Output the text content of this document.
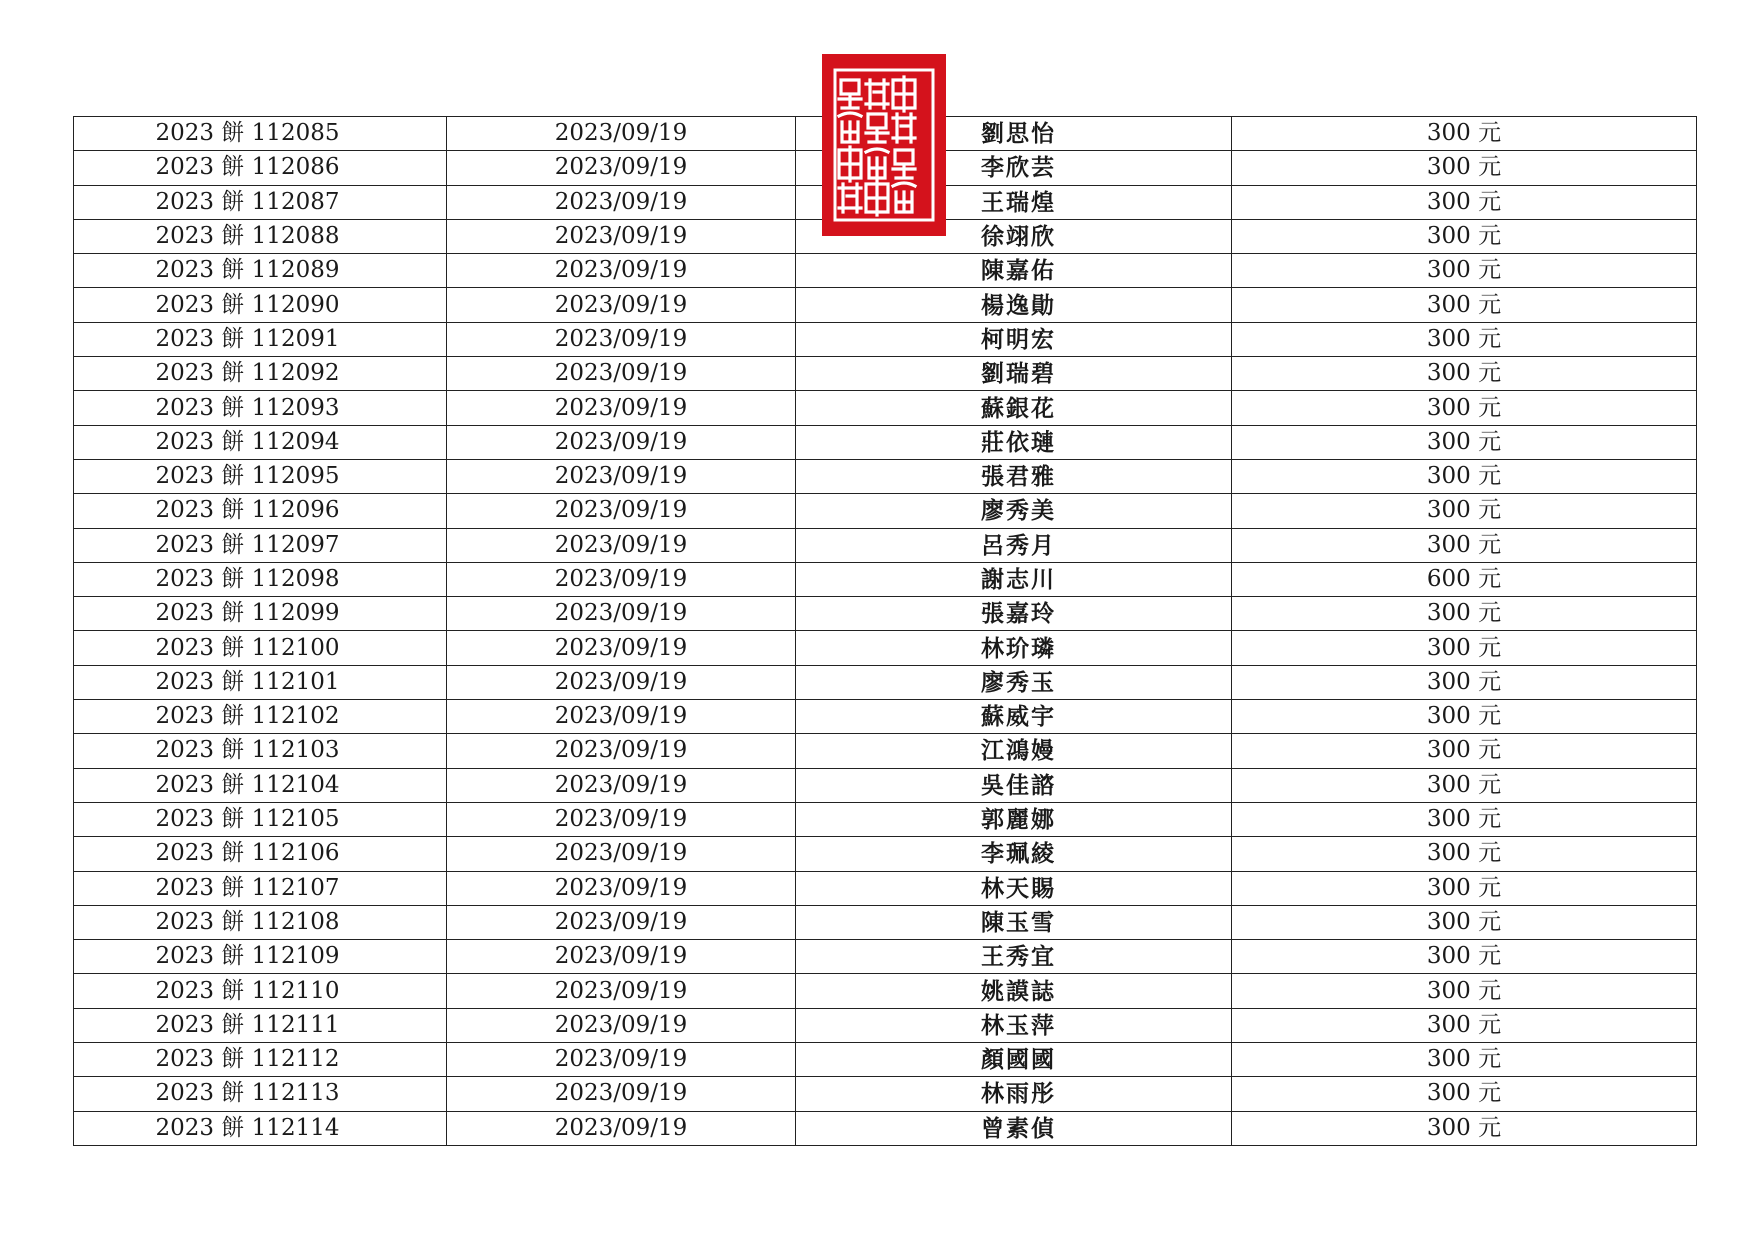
2023 餅 112085	2023/09/19	劉思怡	300 元
2023 餅 112086	2023/09/19	李欣芸	300 元
2023 餅 112087	2023/09/19	王瑞煌	300 元
2023 餅 112088	2023/09/19	徐翊欣	300 元
2023 餅 112089	2023/09/19	陳嘉佑	300 元
2023 餅 112090	2023/09/19	楊逸勛	300 元
2023 餅 112091	2023/09/19	柯明宏	300 元
2023 餅 112092	2023/09/19	劉瑞碧	300 元
2023 餅 112093	2023/09/19	蘇銀花	300 元
2023 餅 112094	2023/09/19	莊依璉	300 元
2023 餅 112095	2023/09/19	張君雅	300 元
2023 餅 112096	2023/09/19	廖秀美	300 元
2023 餅 112097	2023/09/19	呂秀月	300 元
2023 餅 112098	2023/09/19	謝志川	600 元
2023 餅 112099	2023/09/19	張嘉玲	300 元
2023 餅 112100	2023/09/19	林玠璘	300 元
2023 餅 112101	2023/09/19	廖秀玉	300 元
2023 餅 112102	2023/09/19	蘇威宇	300 元
2023 餅 112103	2023/09/19	江鴻嫚	300 元
2023 餅 112104	2023/09/19	吳佳諮	300 元
2023 餅 112105	2023/09/19	郭麗娜	300 元
2023 餅 112106	2023/09/19	李珮綾	300 元
2023 餅 112107	2023/09/19	林天賜	300 元
2023 餅 112108	2023/09/19	陳玉雪	300 元
2023 餅 112109	2023/09/19	王秀宜	300 元
2023 餅 112110	2023/09/19	姚謨誌	300 元
2023 餅 112111	2023/09/19	林玉萍	300 元
2023 餅 112112	2023/09/19	顏國國	300 元
2023 餅 112113	2023/09/19	林雨彤	300 元
2023 餅 112114	2023/09/19	曾素偵	300 元
